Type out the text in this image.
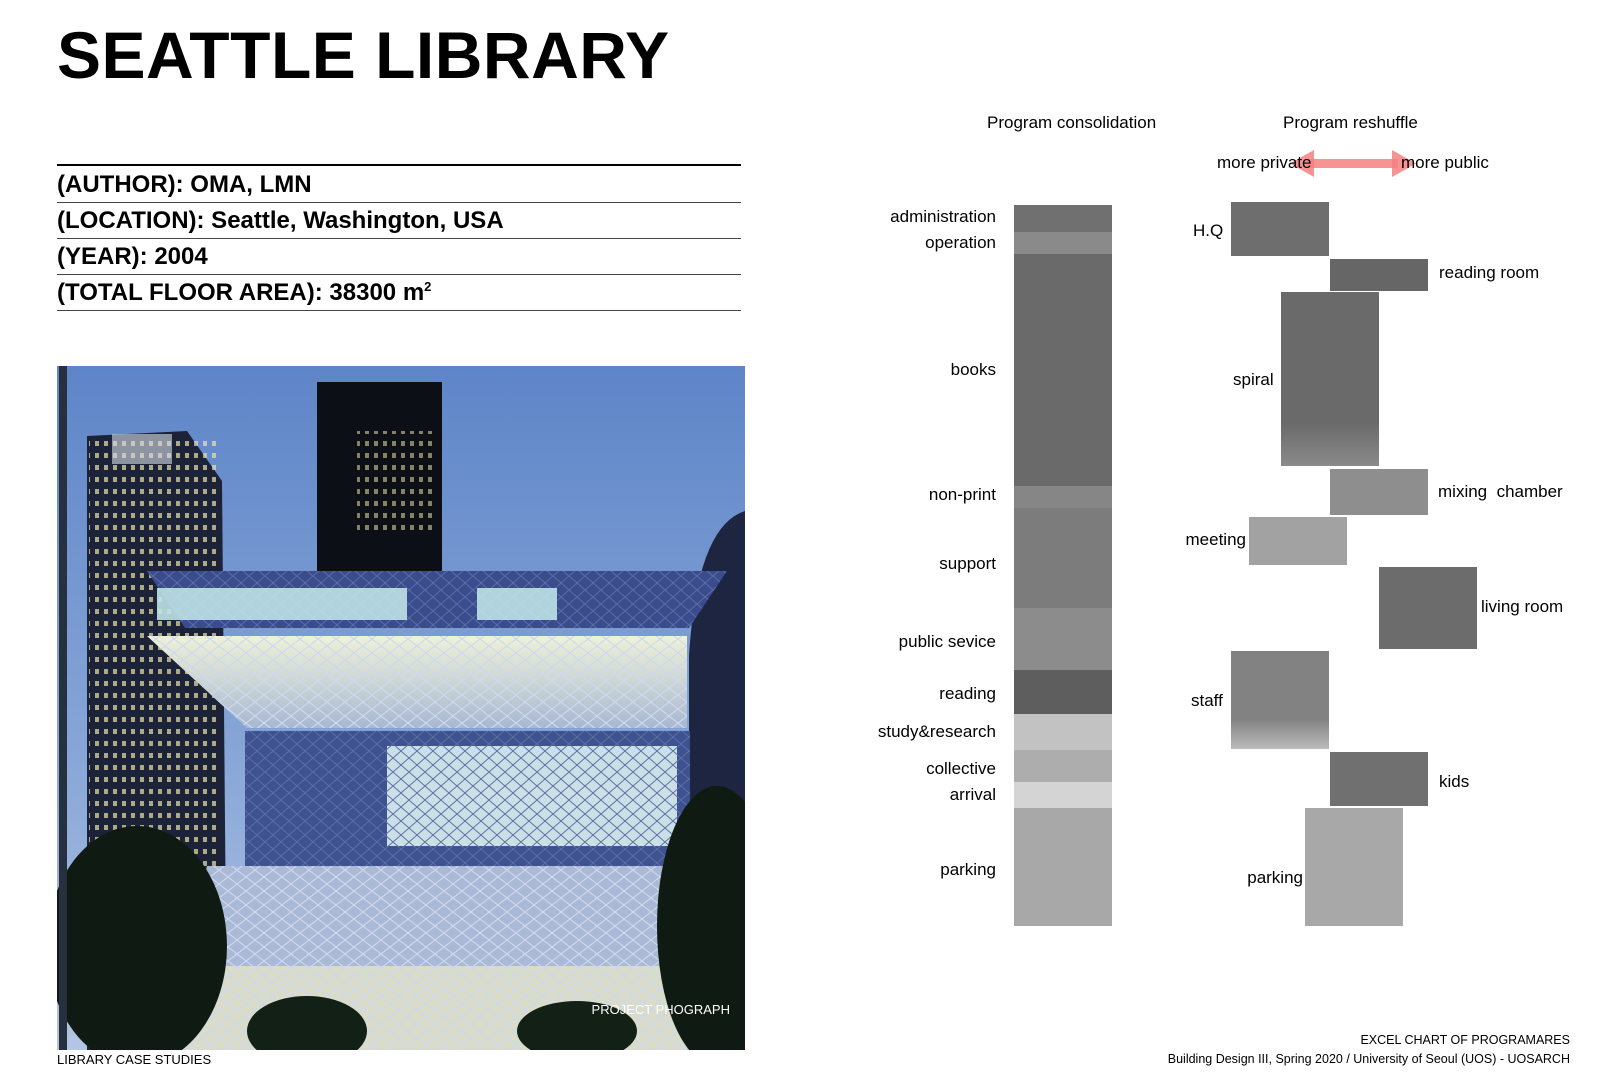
SEATTLE LIBRARY
(AUTHOR): OMA, LMN
(LOCATION): Seattle, Washington, USA
(YEAR): 2004
(TOTAL FLOOR AREA): 38300 $m^2$
PROJECT PHOGRAPH
Program consolidation	Program reshuffle
more private	more public
administration
operation
books
non-print
support
public sevice
reading
study&research
collective
arrival
parking
H.Q
reading room
spiral
mixing  chamber
meeting
living room
staff
kids
parking
LIBRARY CASE STUDIES
EXCEL CHART OF PROGRAMARES
Building Design III, Spring 2020 / University of Seoul (UOS) - UOSARCH
